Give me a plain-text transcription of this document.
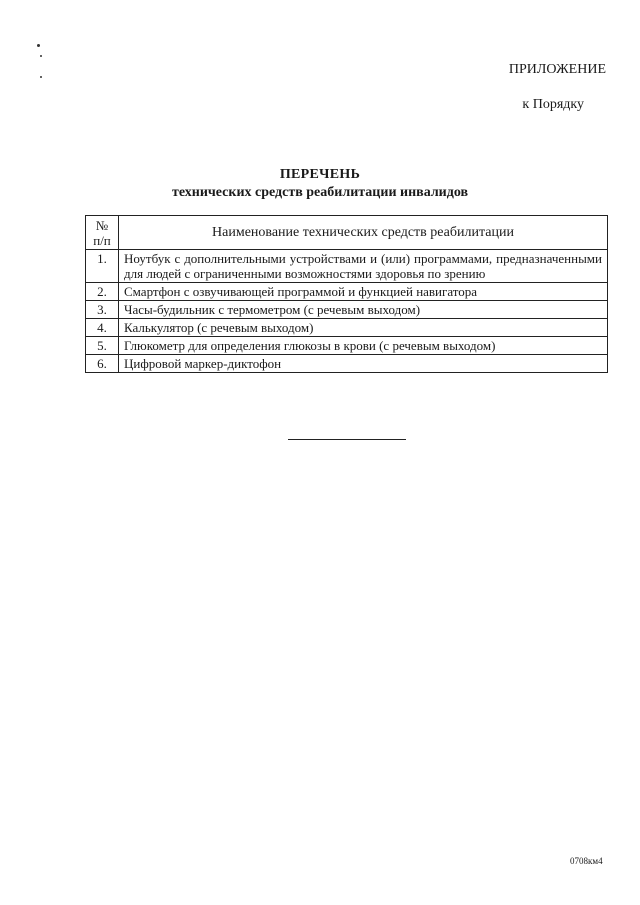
ПРИЛОЖЕНИЕ
к Порядку
ПЕРЕЧЕНЬ
технических средств реабилитации инвалидов
№
п/п	Наименование технических средств реабилитации
1.	Ноутбук с дополнительными устройствами и (или) программами, предназначенными для людей с ограниченными возможностями здоровья по зрению
2.	Смартфон с озвучивающей программой и функцией навигатора
3.	Часы-будильник с термометром (с речевым выходом)
4.	Калькулятор (с речевым выходом)
5.	Глюкометр для определения глюкозы в крови (с речевым выходом)
6.	Цифровой маркер-диктофон
0708км4
